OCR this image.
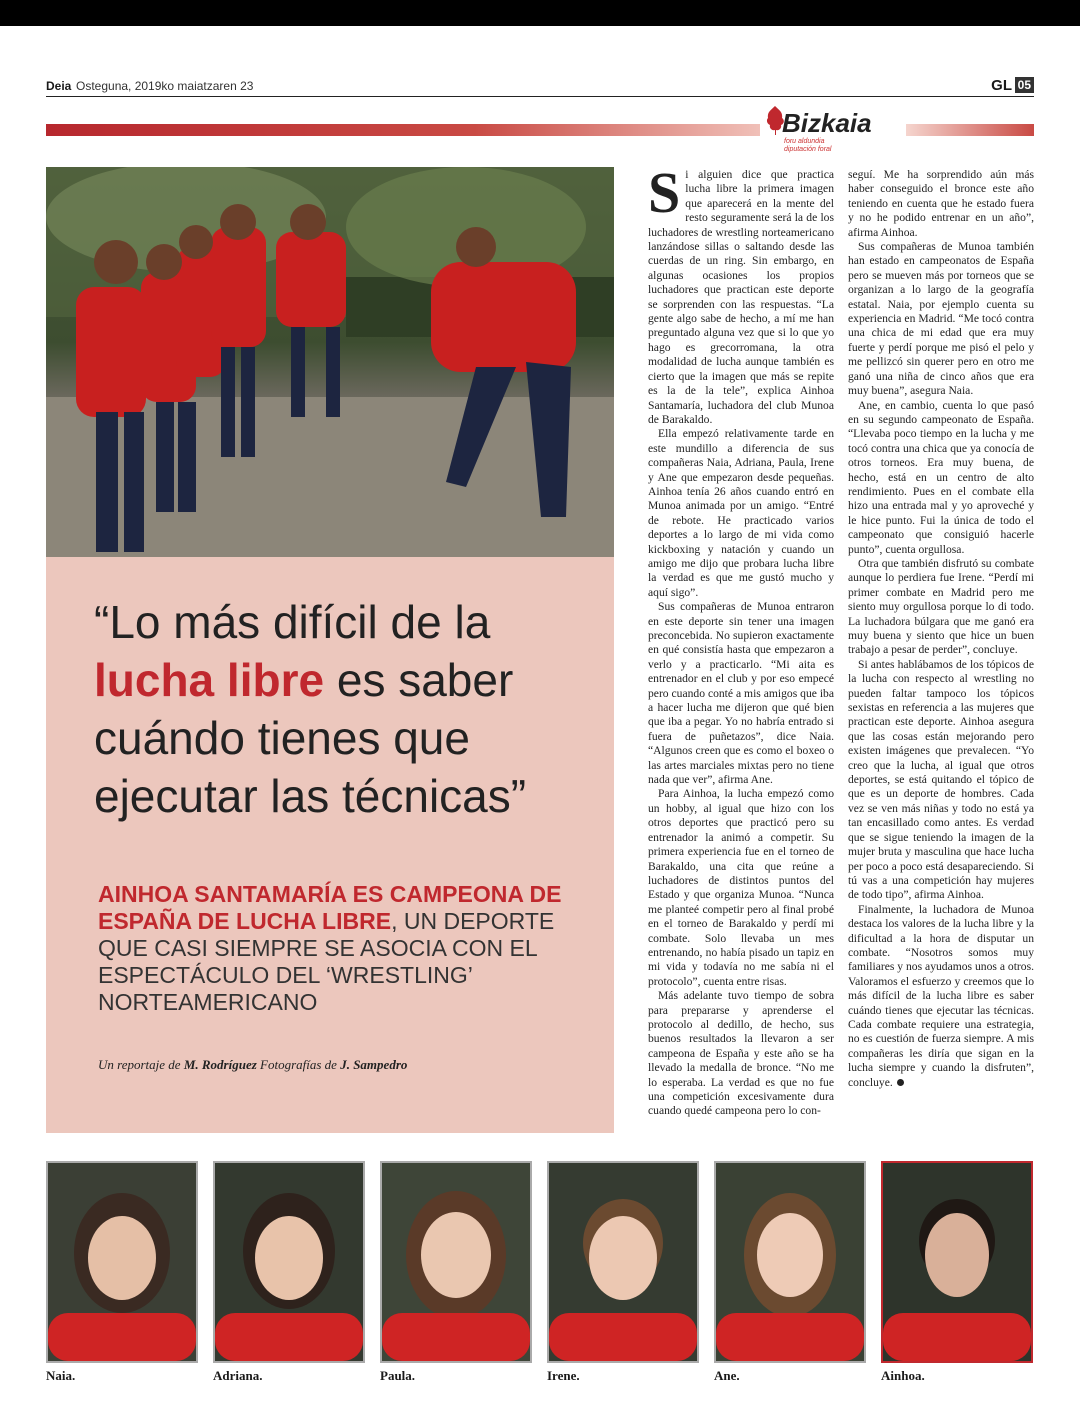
Deia Osteguna, 2019ko maiatzaren 23	GL 05
Bizkaia
foru aldundia
diputación foral
“Lo más difícil de la lucha libre es saber cuándo tienes que ejecutar las técnicas”
AINHOA SANTAMARÍA ES CAMPEONA DE ESPAÑA DE LUCHA LIBRE, UN DEPORTE QUE CASI SIEMPRE SE ASOCIA CON EL ESPECTÁCULO DEL ‘WRESTLING’ NORTEAMERICANO
Un reportaje de M. Rodríguez Fotografías de J. Sampedro

Si alguien dice que practica lucha libre la primera imagen que aparecerá en la mente del resto seguramente será la de los luchadores de wrestling norteamericano lanzándose sillas o saltando desde las cuerdas de un ring. Sin embargo, en algunas ocasiones los propios luchadores que practican este deporte se sorprenden con las respuestas. “La gente algo sabe de hecho, a mí me han preguntado alguna vez que si lo que yo hago es grecorromana, la otra modalidad de lucha aunque también es cierto que la imagen que más se repite es la de la tele”, explica Ainhoa Santamaría, luchadora del club Munoa de Barakaldo.

Ella empezó relativamente tarde en este mundillo a diferencia de sus compañeras Naia, Adriana, Paula, Irene y Ane que empezaron desde pequeñas. Ainhoa tenía 26 años cuando entró en Munoa animada por un amigo. “Entré de rebote. He practicado varios deportes a lo largo de mi vida como kickboxing y natación y cuando un amigo me dijo que probara lucha libre la verdad es que me gustó mucho y aquí sigo”.

Sus compañeras de Munoa entraron en este deporte sin tener una imagen preconcebida. No supieron exactamente en qué consistía hasta que empezaron a verlo y a practicarlo. “Mi aita es entrenador en el club y por eso empecé pero cuando conté a mis amigos que iba a hacer lucha me dijeron que qué bien que iba a pegar. Yo no habría entrado si fuera de puñetazos”, dice Naia. “Algunos creen que es como el boxeo o las artes marciales mixtas pero no tiene nada que ver”, afirma Ane.

Para Ainhoa, la lucha empezó como un hobby, al igual que hizo con los otros deportes que practicó pero su entrenador la animó a competir. Su primera experiencia fue en el torneo de Barakaldo, una cita que reúne a luchadores de distintos puntos del Estado y que organiza Munoa. “Nunca me planteé competir pero al final probé en el torneo de Barakaldo y perdí mi combate. Solo llevaba un mes entrenando, no había pisado un tapiz en mi vida y todavía no me sabía ni el protocolo”, cuenta entre risas.

Más adelante tuvo tiempo de sobra para prepararse y aprenderse el protocolo al dedillo, de hecho, sus buenos resultados la llevaron a ser campeona de España y este año se ha llevado la medalla de bronce. “No me lo esperaba. La verdad es que no fue una competición excesivamente dura cuando quedé campeona pero lo con-

seguí. Me ha sorprendido aún más haber conseguido el bronce este año teniendo en cuenta que he estado fuera y no he podido entrenar en un año”, afirma Ainhoa.

Sus compañeras de Munoa también han estado en campeonatos de España pero se mueven más por torneos que se organizan a lo largo de la geografía estatal. Naia, por ejemplo cuenta su experiencia en Madrid. “Me tocó contra una chica de mi edad que era muy fuerte y perdí porque me pisó el pelo y me pellizcó sin querer pero en otro me ganó una niña de cinco años que era muy buena”, asegura Naia.

Ane, en cambio, cuenta lo que pasó en su segundo campeonato de España. “Llevaba poco tiempo en la lucha y me tocó contra una chica que ya conocía de otros torneos. Era muy buena, de hecho, está en un centro de alto rendimiento. Pues en el combate ella hizo una entrada mal y yo aproveché y le hice punto. Fui la única de todo el campeonato que consiguió hacerle punto”, cuenta orgullosa.

Otra que también disfrutó su combate aunque lo perdiera fue Irene. “Perdí mi primer combate en Madrid pero me siento muy orgullosa porque lo di todo. La luchadora búlgara que me ganó era muy buena y siento que hice un buen trabajo a pesar de perder”, concluye.

Si antes hablábamos de los tópicos de la lucha con respecto al wrestling no pueden faltar tampoco los tópicos sexistas en referencia a las mujeres que practican este deporte. Ainhoa asegura que las cosas están mejorando pero existen imágenes que prevalecen. “Yo creo que la lucha, al igual que otros deportes, se está quitando el tópico de que es un deporte de hombres. Cada vez se ven más niñas y todo no está ya tan encasillado como antes. Es verdad que se sigue teniendo la imagen de la mujer bruta y masculina que hace lucha per poco a poco está desapareciendo. Si tú vas a una competición hay mujeres de todo tipo”, afirma Ainhoa.

Finalmente, la luchadora de Munoa destaca los valores de la lucha libre y la dificultad a la hora de disputar un combate. “Nosotros somos muy familiares y nos ayudamos unos a otros. Valoramos el esfuerzo y creemos que lo más difícil de la lucha libre es saber cuándo tienes que ejecutar las técnicas. Cada combate requiere una estrategia, no es cuestión de fuerza siempre. A mis compañeras les diría que sigan en la lucha siempre y cuando la disfruten”, concluye.

Naia.	Adriana.	Paula.	Irene.	Ane.	Ainhoa.
